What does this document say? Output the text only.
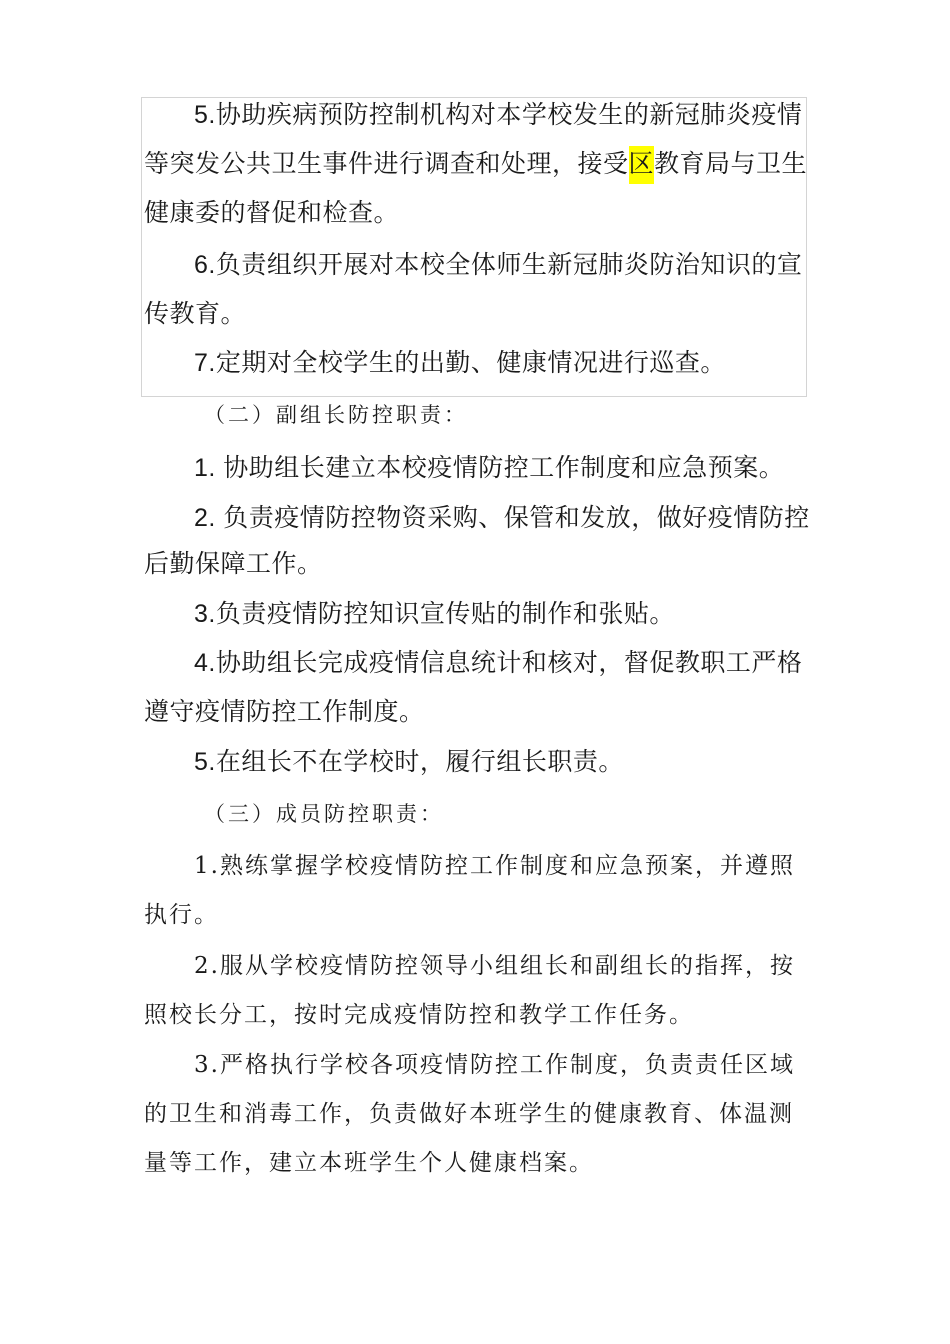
5.协助疾病预防控制机构对本学校发生的新冠肺炎疫情
等突发公共卫生事件进行调查和处理，接受区教育局与卫生
健康委的督促和检查。
6.负责组织开展对本校全体师生新冠肺炎防治知识的宣
传教育。
7.定期对全校学生的出勤、健康情况进行巡查。
（二）副组长防控职责：
1. 协助组长建立本校疫情防控工作制度和应急预案。
2. 负责疫情防控物资采购、保管和发放，做好疫情防控
后勤保障工作。
3.负责疫情防控知识宣传贴的制作和张贴。
4.协助组长完成疫情信息统计和核对，督促教职工严格
遵守疫情防控工作制度。
5.在组长不在学校时，履行组长职责。
（三）成员防控职责：
1.熟练掌握学校疫情防控工作制度和应急预案，并遵照
执行。
2.服从学校疫情防控领导小组组长和副组长的指挥，按
照校长分工，按时完成疫情防控和教学工作任务。
3.严格执行学校各项疫情防控工作制度，负责责任区域
的卫生和消毒工作，负责做好本班学生的健康教育、体温测
量等工作，建立本班学生个人健康档案。
